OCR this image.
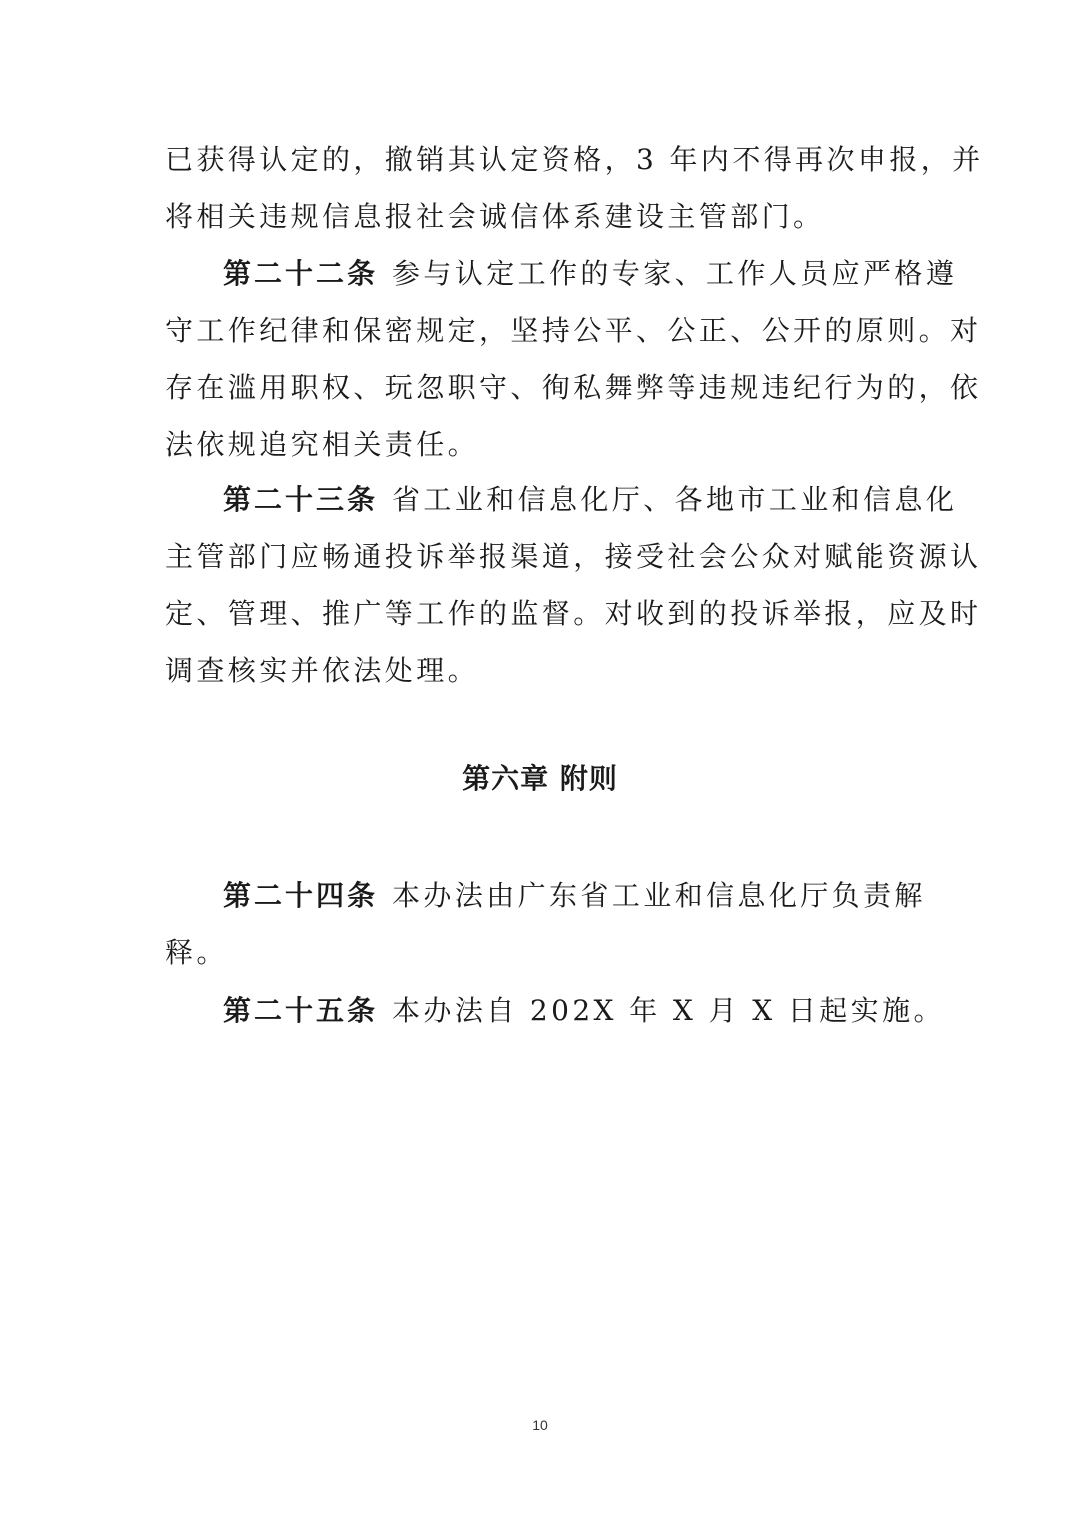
已获得认定的，撤销其认定资格，3 年内不得再次申报，并
将相关违规信息报社会诚信体系建设主管部门。
第二十二条 参与认定工作的专家、工作人员应严格遵
守工作纪律和保密规定，坚持公平、公正、公开的原则。对
存在滥用职权、玩忽职守、徇私舞弊等违规违纪行为的，依
法依规追究相关责任。
第二十三条 省工业和信息化厅、各地市工业和信息化
主管部门应畅通投诉举报渠道，接受社会公众对赋能资源认
定、管理、推广等工作的监督。对收到的投诉举报，应及时
调查核实并依法处理。
第六章 附则
第二十四条 本办法由广东省工业和信息化厅负责解
释。
第二十五条 本办法自 202X 年 X 月 X 日起实施。
10
